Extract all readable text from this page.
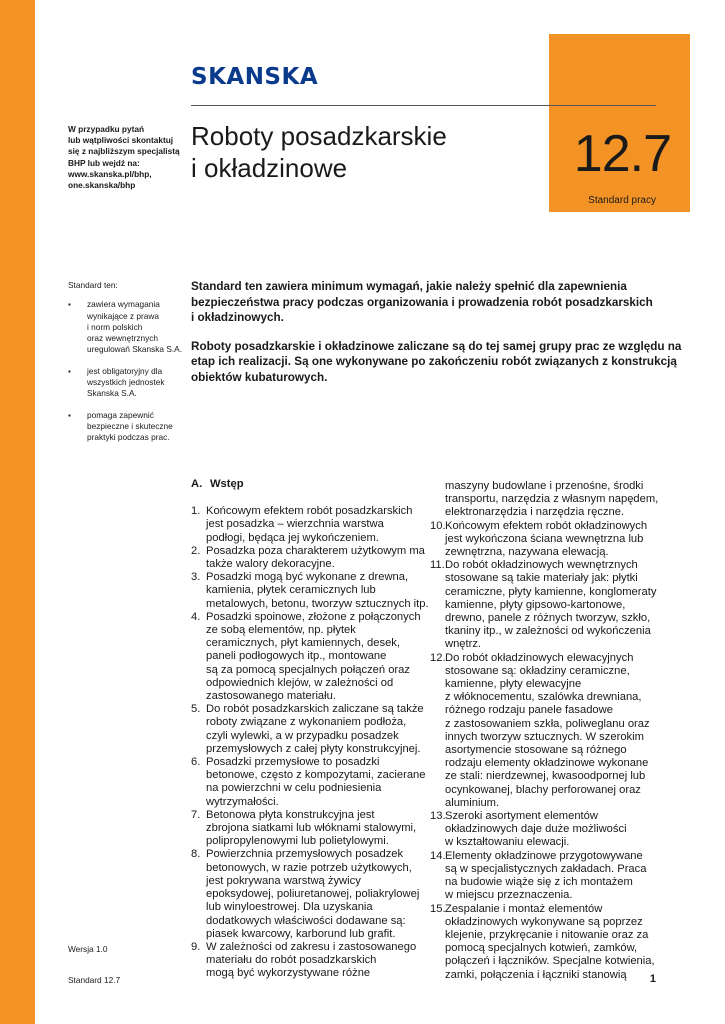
SKANSKA
12.7
Standard pracy
W przypadku pytań
lub wątpliwości skontaktuj
się z najbliższym specjalistą
BHP lub wejdź na:
www.skanska.pl/bhp,
one.skanska/bhp
Roboty posadzkarskie
i okładzinowe
Standard ten:
▪ zawiera wymagania
wynikające z prawa
i norm polskich
oraz wewnętrznych
uregulowań Skanska S.A.
▪ jest obligatoryjny dla
wszystkich jednostek
Skanska S.A.
▪ pomaga zapewnić
bezpieczne i skuteczne
praktyki podczas prac.

Standard ten zawiera minimum wymagań, jakie należy spełnić dla zapewnienia
bezpieczeństwa pracy podczas organizowania i prowadzenia robót posadzkarskich
i okładzinowych.

Roboty posadzkarskie i okładzinowe zaliczane są do tej samej grupy prac ze względu na
etap ich realizacji. Są one wykonywane po zakończeniu robót związanych z konstrukcją
obiektów kubaturowych.

A. Wstęp
1. Końcowym efektem robót posadzkarskich
jest posadzka – wierzchnia warstwa
podłogi, będąca jej wykończeniem.
2. Posadzka poza charakterem użytkowym ma
także walory dekoracyjne.
3. Posadzki mogą być wykonane z drewna,
kamienia, płytek ceramicznych lub
metalowych, betonu, tworzyw sztucznych itp.
4. Posadzki spoinowe, złożone z połączonych
ze sobą elementów, np. płytek
ceramicznych, płyt kamiennych, desek,
paneli podłogowych itp., montowane
są za pomocą specjalnych połączeń oraz
odpowiednich klejów, w zależności od
zastosowanego materiału.
5. Do robót posadzkarskich zaliczane są także
roboty związane z wykonaniem podłoża,
czyli wylewki, a w przypadku posadzek
przemysłowych z całej płyty konstrukcyjnej.
6. Posadzki przemysłowe to posadzki
betonowe, często z kompozytami, zacierane
na powierzchni w celu podniesienia
wytrzymałości.
7. Betonowa płyta konstrukcyjna jest
zbrojona siatkami lub włóknami stalowymi,
polipropylenowymi lub polietylowymi.
8. Powierzchnia przemysłowych posadzek
betonowych, w razie potrzeb użytkowych,
jest pokrywana warstwą żywicy
epoksydowej, poliuretanowej, poliakrylowej
lub winyloestrowej. Dla uzyskania
dodatkowych właściwości dodawane są:
piasek kwarcowy, karborund lub grafit.
9. W zależności od zakresu i zastosowanego
materiału do robót posadzkarskich
mogą być wykorzystywane różne
maszyny budowlane i przenośne, środki
transportu, narzędzia z własnym napędem,
elektronarzędzia i narzędzia ręczne.
10. Końcowym efektem robót okładzinowych
jest wykończona ściana wewnętrzna lub
zewnętrzna, nazywana elewacją.
11. Do robót okładzinowych wewnętrznych
stosowane są takie materiały jak: płytki
ceramiczne, płyty kamienne, konglomeraty
kamienne, płyty gipsowo-kartonowe,
drewno, panele z różnych tworzyw, szkło,
tkaniny itp., w zależności od wykończenia
wnętrz.
12. Do robót okładzinowych elewacyjnych
stosowane są: okładziny ceramiczne,
kamienne, płyty elewacyjne
z włóknocementu, szalówka drewniana,
różnego rodzaju panele fasadowe
z zastosowaniem szkła, poliweglanu oraz
innych tworzyw sztucznych. W szerokim
asortymencie stosowane są różnego
rodzaju elementy okładzinowe wykonane
ze stali: nierdzewnej, kwasoodpornej lub
ocynkowanej, blachy perforowanej oraz
aluminium.
13. Szeroki asortyment elementów
okładzinowych daje duże możliwości
w kształtowaniu elewacji.
14. Elementy okładzinowe przygotowywane
są w specjalistycznych zakładach. Praca
na budowie wiąże się z ich montażem
w miejscu przeznaczenia.
15. Zespalanie i montaż elementów
okładzinowych wykonywane są poprzez
klejenie, przykręcanie i nitowanie oraz za
pomocą specjalnych kotwień, zamków,
połączeń i łączników. Specjalne kotwienia,
zamki, połączenia i łączniki stanowią
Wersja 1.0
Standard 12.7	1
